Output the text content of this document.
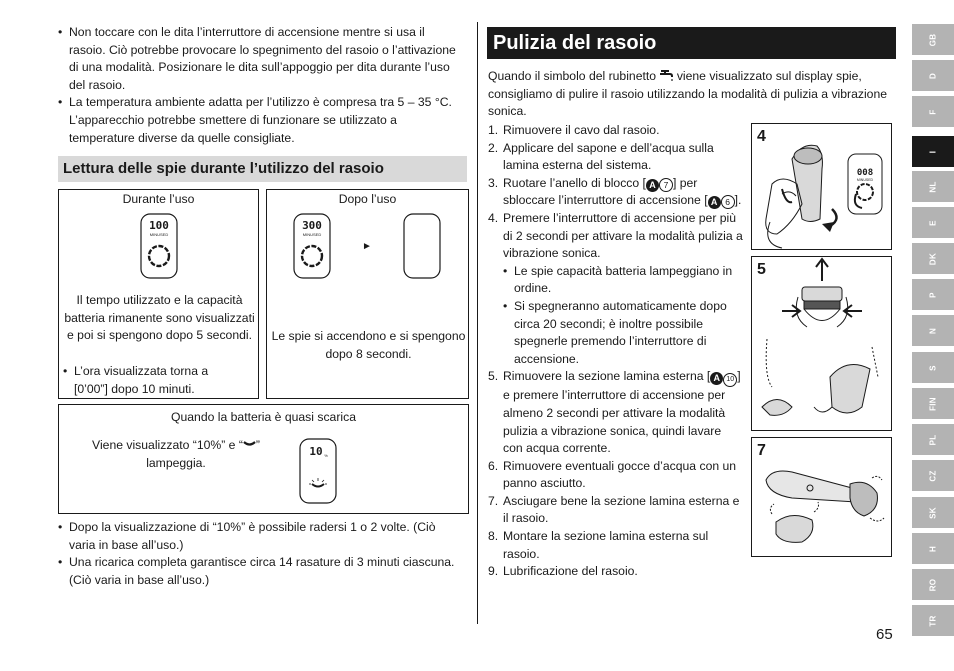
• Non toccare con le dita l’interruttore di accensione mentre si usa il rasoio. Ciò potrebbe provocare lo spegnimento del rasoio o l’attivazione di una modalità. Posizionare le dita sull’appoggio per dita durante l’uso del rasoio.
• La temperatura ambiente adatta per l’utilizzo è compresa tra 5 – 35 °C. L’apparecchio potrebbe smettere di funzionare se utilizzato a temperature diverse da quelle consigliate.
Lettura delle spie durante l’utilizzo del rasoio
Durante l’uso
100
MINUSED
Il tempo utilizzato e la capacità batteria rimanente sono visualizzati e poi si spengono dopo 5 secondi.
• L’ora visualizzata torna a [0’00”] dopo 10 minuti.
Dopo l’uso
300
MINUSED
►
Le spie si accendono e si spengono dopo 8 secondi.
Quando la batteria è quasi scarica
Viene visualizzato “10%” e “ ”
lampeggia.
10 %
• Dopo la visualizzazione di “10%” è possibile radersi 1 o 2 volte. (Ciò varia in base all’uso.)
• Una ricarica completa garantisce circa 14 rasature di 3 minuti ciascuna. (Ciò varia in base all’uso.)
Pulizia del rasoio
Quando il simbolo del rubinetto viene visualizzato sul display spie, consigliamo di pulire il rasoio utilizzando la modalità di pulizia a vibrazione sonica.
1. Rimuovere il cavo dal rasoio.
2. Applicare del sapone e dell’acqua sulla lamina esterna del sistema.
3. Ruotare l’anello di blocco [ A 7 ] per sbloccare l’interruttore di accensione [ A 6 ].
4. Premere l’interruttore di accensione per più di 2 secondi per attivare la modalità pulizia a vibrazione sonica.
• Le spie capacità batteria lampeggiano in ordine.
• Si spegneranno automaticamente dopo circa 20 secondi; è inoltre possibile spegnerle premendo l’interruttore di accensione.
5. Rimuovere la sezione lamina esterna [ A 10 ] e premere l’interruttore di accensione per almeno 2 secondi per attivare la modalità pulizia a vibrazione sonica, quindi lavare con acqua corrente.
6. Rimuovere eventuali gocce d’acqua con un panno asciutto.
7. Asciugare bene la sezione lamina esterna e il rasoio.
8. Montare la sezione lamina esterna sul rasoio.
9. Lubrificazione del rasoio.
4
008
MINUSED
5
7
GB
D
F
I
NL
E
DK
P
N
S
FIN
PL
CZ
SK
H
RO
TR
65
